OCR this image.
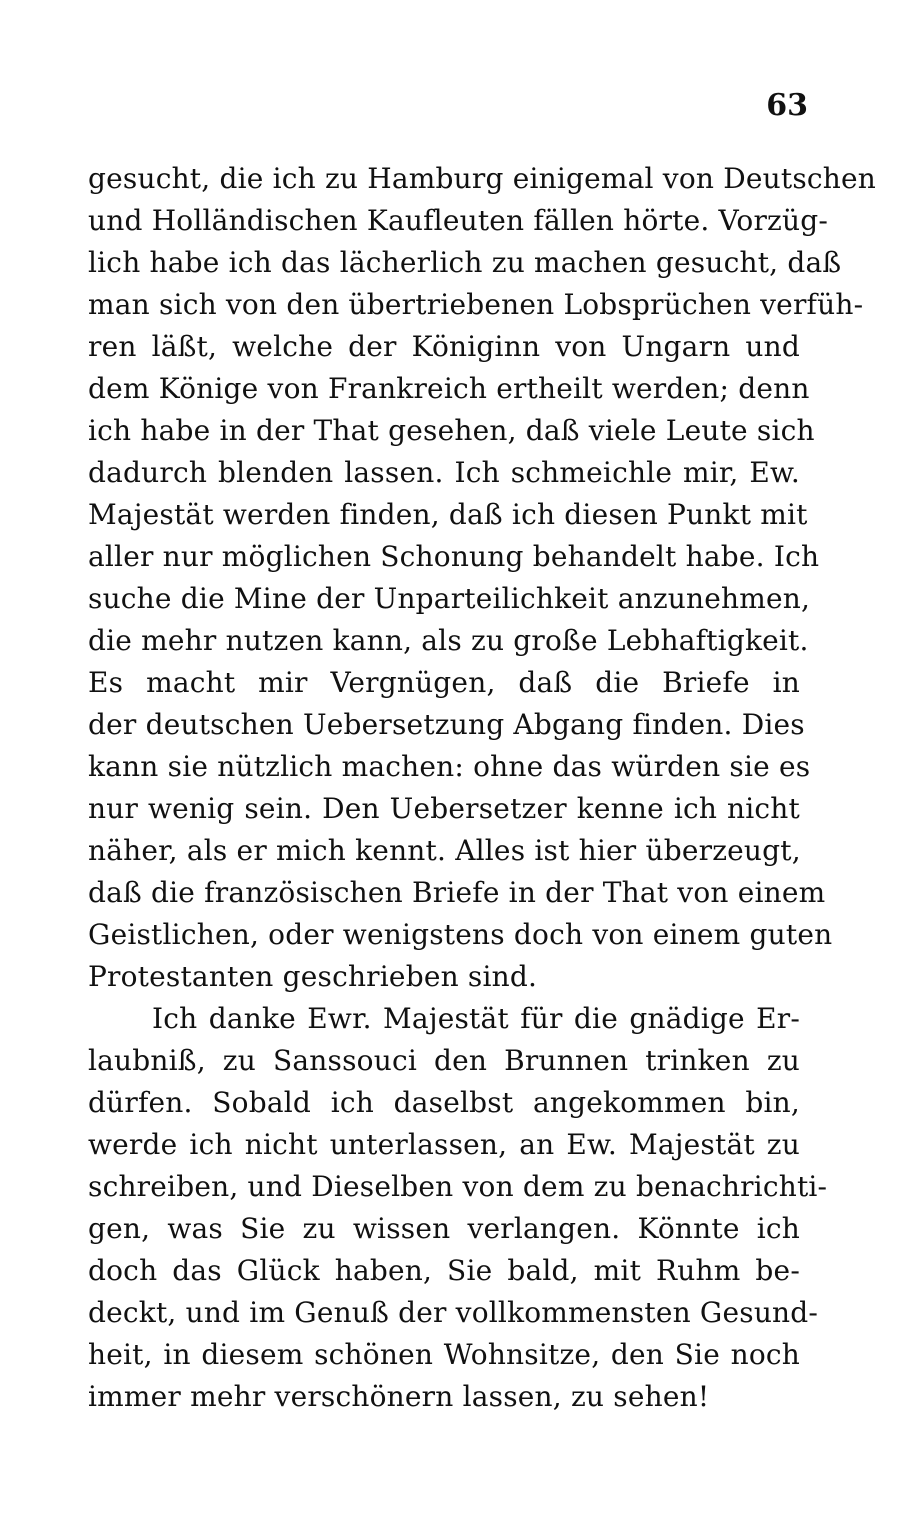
63
gesucht, die ich zu Hamburg einigemal von Deutschen
und Holländischen Kaufleuten fällen hörte. Vorzüg-
lich habe ich das lächerlich zu machen gesucht, daß
man sich von den übertriebenen Lobsprüchen verfüh-
ren läßt, welche der Königinn von Ungarn und
dem Könige von Frankreich ertheilt werden; denn
ich habe in der That gesehen, daß viele Leute sich
dadurch blenden lassen. Ich schmeichle mir, Ew.
Majestät werden finden, daß ich diesen Punkt mit
aller nur möglichen Schonung behandelt habe. Ich
suche die Mine der Unparteilichkeit anzunehmen,
die mehr nutzen kann, als zu große Lebhaftigkeit.
Es macht mir Vergnügen, daß die Briefe in
der deutschen Uebersetzung Abgang finden. Dies
kann sie nützlich machen: ohne das würden sie es
nur wenig sein. Den Uebersetzer kenne ich nicht
näher, als er mich kennt. Alles ist hier überzeugt,
daß die französischen Briefe in der That von einem
Geistlichen, oder wenigstens doch von einem guten
Protestanten geschrieben sind.
Ich danke Ewr. Majestät für die gnädige Er-
laubniß, zu Sanssouci den Brunnen trinken zu
dürfen. Sobald ich daselbst angekommen bin,
werde ich nicht unterlassen, an Ew. Majestät zu
schreiben, und Dieselben von dem zu benachrichti-
gen, was Sie zu wissen verlangen. Könnte ich
doch das Glück haben, Sie bald, mit Ruhm be-
deckt, und im Genuß der vollkommensten Gesund-
heit, in diesem schönen Wohnsitze, den Sie noch
immer mehr verschönern lassen, zu sehen!
